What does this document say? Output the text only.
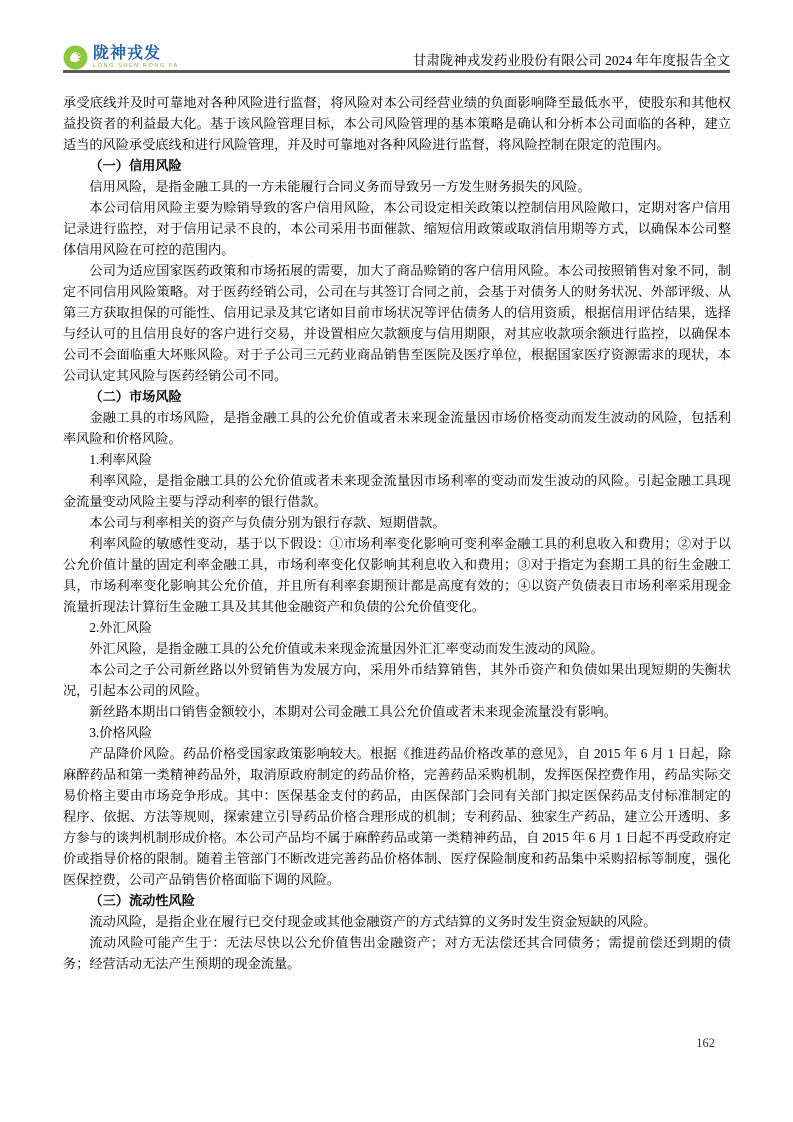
陇神戎发
LONG SHEN RONG FA	甘肃陇神戎发药业股份有限公司 2024 年年度报告全文

承受底线并及时可靠地对各种风险进行监督，将风险对本公司经营业绩的负面影响降至最低水平，使股东和其他权益投资者的利益最大化。基于该风险管理目标，本公司风险管理的基本策略是确认和分析本公司面临的各种，建立适当的风险承受底线和进行风险管理，并及时可靠地对各种风险进行监督，将风险控制在限定的范围内。

（一）信用风险

信用风险，是指金融工具的一方未能履行合同义务而导致另一方发生财务损失的风险。

本公司信用风险主要为赊销导致的客户信用风险，本公司设定相关政策以控制信用风险敞口，定期对客户信用记录进行监控，对于信用记录不良的，本公司采用书面催款、缩短信用政策或取消信用期等方式，以确保本公司整体信用风险在可控的范围内。

公司为适应国家医药政策和市场拓展的需要，加大了商品赊销的客户信用风险。本公司按照销售对象不同，制定不同信用风险策略。对于医药经销公司，公司在与其签订合同之前，会基于对债务人的财务状况、外部评级、从第三方获取担保的可能性、信用记录及其它诸如目前市场状况等评估债务人的信用资质，根据信用评估结果，选择与经认可的且信用良好的客户进行交易，并设置相应欠款额度与信用期限，对其应收款项余额进行监控，以确保本公司不会面临重大坏账风险。对于子公司三元药业商品销售至医院及医疗单位，根据国家医疗资源需求的现状，本公司认定其风险与医药经销公司不同。

（二）市场风险

金融工具的市场风险，是指金融工具的公允价值或者未来现金流量因市场价格变动而发生波动的风险，包括利率风险和价格风险。

1.利率风险

利率风险，是指金融工具的公允价值或者未来现金流量因市场利率的变动而发生波动的风险。引起金融工具现金流量变动风险主要与浮动利率的银行借款。

本公司与利率相关的资产与负债分别为银行存款、短期借款。

利率风险的敏感性变动，基于以下假设：①市场利率变化影响可变利率金融工具的利息收入和费用；②对于以公允价值计量的固定利率金融工具，市场利率变化仅影响其利息收入和费用；③对于指定为套期工具的衍生金融工具，市场利率变化影响其公允价值，并且所有利率套期预计都是高度有效的；④以资产负债表日市场利率采用现金流量折现法计算衍生金融工具及其其他金融资产和负债的公允价值变化。

2.外汇风险

外汇风险，是指金融工具的公允价值或未来现金流量因外汇汇率变动而发生波动的风险。

本公司之子公司新丝路以外贸销售为发展方向，采用外币结算销售，其外币资产和负债如果出现短期的失衡状况，引起本公司的风险。

新丝路本期出口销售金额较小，本期对公司金融工具公允价值或者未来现金流量没有影响。

3.价格风险

产品降价风险。药品价格受国家政策影响较大。根据《推进药品价格改革的意见》，自 2015 年 6 月 1 日起，除麻醉药品和第一类精神药品外，取消原政府制定的药品价格，完善药品采购机制，发挥医保控费作用，药品实际交易价格主要由市场竞争形成。其中：医保基金支付的药品，由医保部门会同有关部门拟定医保药品支付标准制定的程序、依据、方法等规则，探索建立引导药品价格合理形成的机制；专利药品、独家生产药品，建立公开透明、多方参与的谈判机制形成价格。本公司产品均不属于麻醉药品或第一类精神药品，自 2015 年 6 月 1 日起不再受政府定价或指导价格的限制。随着主管部门不断改进完善药品价格体制、医疗保险制度和药品集中采购招标等制度，强化医保控费，公司产品销售价格面临下调的风险。

（三）流动性风险

流动风险，是指企业在履行已交付现金或其他金融资产的方式结算的义务时发生资金短缺的风险。

流动风险可能产生于：无法尽快以公允价值售出金融资产；对方无法偿还其合同债务；需提前偿还到期的债务；经营活动无法产生预期的现金流量。

162
